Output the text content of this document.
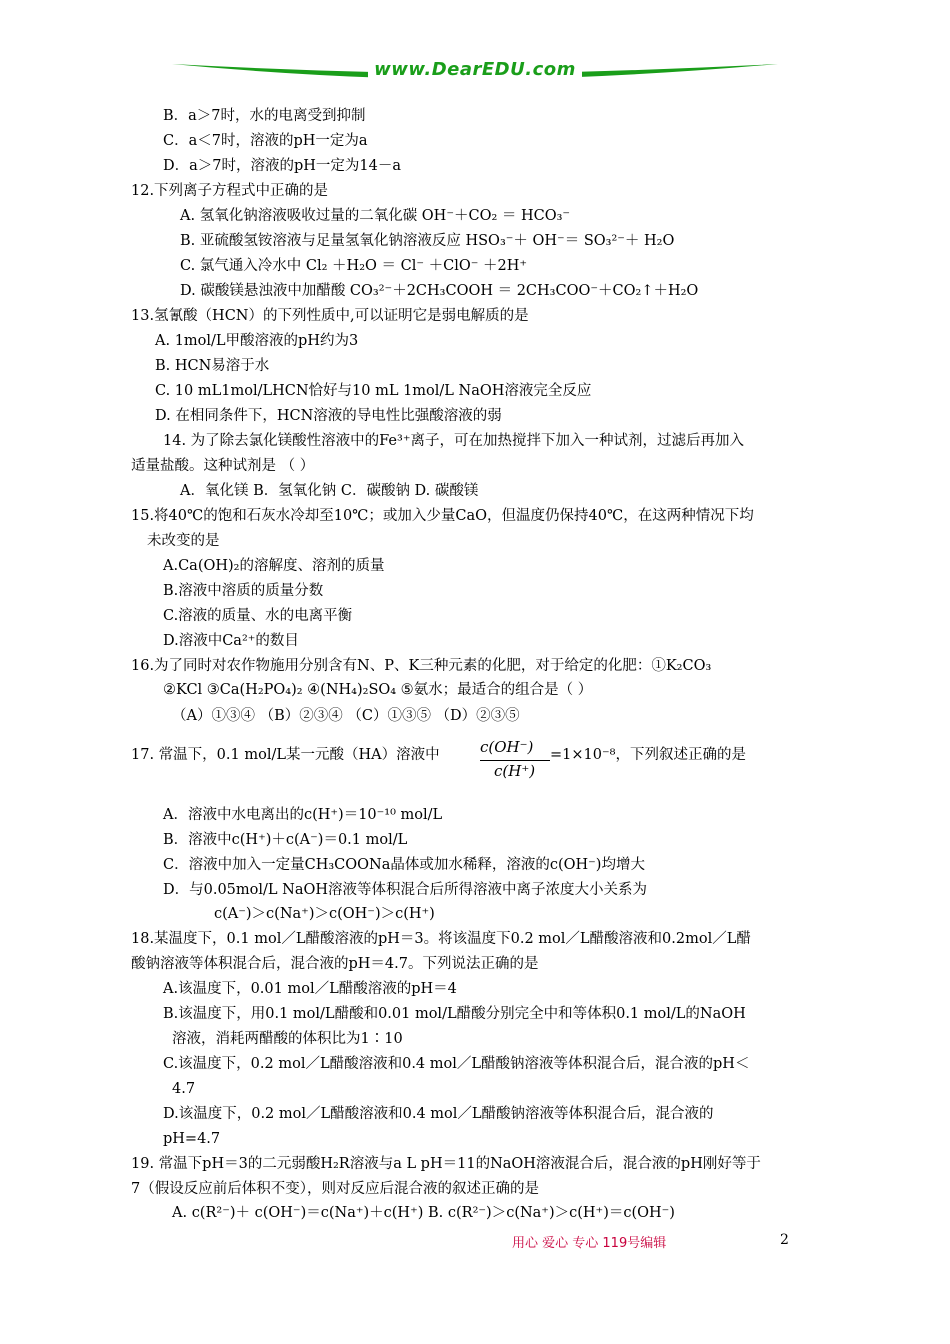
www.DearEDU.com
B．a＞7时，水的电离受到抑制
C．a＜7时，溶液的pH一定为a
D．a＞7时，溶液的pH一定为14－a
12.下列离子方程式中正确的是
A. 氢氧化钠溶液吸收过量的二氧化碳 OH⁻＋CO₂ ＝ HCO₃⁻
B. 亚硫酸氢铵溶液与足量氢氧化钠溶液反应 HSO₃⁻＋ OH⁻＝ SO₃²⁻＋ H₂O
C. 氯气通入冷水中 Cl₂ ＋H₂O ＝ Cl⁻ ＋ClO⁻ ＋2H⁺
D. 碳酸镁悬浊液中加醋酸 CO₃²⁻＋2CH₃COOH ＝ 2CH₃COO⁻＋CO₂↑＋H₂O
13.氢氰酸（HCN）的下列性质中,可以证明它是弱电解质的是
A. 1mol/L甲酸溶液的pH约为3
B. HCN易溶于水
C. 10 mL1mol/LHCN恰好与10 mL 1mol/L NaOH溶液完全反应
D. 在相同条件下，HCN溶液的导电性比强酸溶液的弱
14. 为了除去氯化镁酸性溶液中的Fe³⁺离子，可在加热搅拌下加入一种试剂，过滤后再加入
适量盐酸。这种试剂是 （ ）
A．氧化镁 B．氢氧化钠 C．碳酸钠 D. 碳酸镁
15.将40℃的饱和石灰水冷却至10℃；或加入少量CaO，但温度仍保持40℃，在这两种情况下均
未改变的是
A.Ca(OH)₂的溶解度、溶剂的质量
B.溶液中溶质的质量分数
C.溶液的质量、水的电离平衡
D.溶液中Ca²⁺的数目
16.为了同时对农作物施用分别含有N、P、K三种元素的化肥，对于给定的化肥：①K₂CO₃
②KCl ③Ca(H₂PO₄)₂ ④(NH₄)₂SO₄ ⑤氨水；最适合的组合是（ ）
（A）①③④ （B）②③④ （C）①③⑤ （D）②③⑤
17. 常温下，0.1 mol/L某一元酸（HA）溶液中	c(OH⁻)
c(H⁺)
=1×10⁻⁸，下列叙述正确的是
A．溶液中水电离出的c(H⁺)＝10⁻¹⁰ mol/L
B．溶液中c(H⁺)＋c(A⁻)＝0.1 mol/L
C．溶液中加入一定量CH₃COONa晶体或加水稀释，溶液的c(OH⁻)均增大
D．与0.05mol/L NaOH溶液等体积混合后所得溶液中离子浓度大小关系为
c(A⁻)＞c(Na⁺)＞c(OH⁻)＞c(H⁺)
18.某温度下，0.1 mol／L醋酸溶液的pH＝3。将该温度下0.2 mol／L醋酸溶液和0.2mol／L醋
酸钠溶液等体积混合后，混合液的pH＝4.7。下列说法正确的是
A.该温度下，0.01 mol／L醋酸溶液的pH＝4
B.该温度下，用0.1 mol/L醋酸和0.01 mol/L醋酸分别完全中和等体积0.1 mol/L的NaOH
溶液，消耗两醋酸的体积比为1∶10
C.该温度下，0.2 mol／L醋酸溶液和0.4 mol／L醋酸钠溶液等体积混合后，混合液的pH＜
4.7
D.该温度下，0.2 mol／L醋酸溶液和0.4 mol／L醋酸钠溶液等体积混合后，混合液的
pH=4.7
19. 常温下pH＝3的二元弱酸H₂R溶液与a L pH＝11的NaOH溶液混合后，混合液的pH刚好等于
7（假设反应前后体积不变），则对反应后混合液的叙述正确的是
A. c(R²⁻)＋ c(OH⁻)＝c(Na⁺)＋c(H⁺) B. c(R²⁻)＞c(Na⁺)＞c(H⁺)＝c(OH⁻)
用心 爱心 专心 119号编辑	2
